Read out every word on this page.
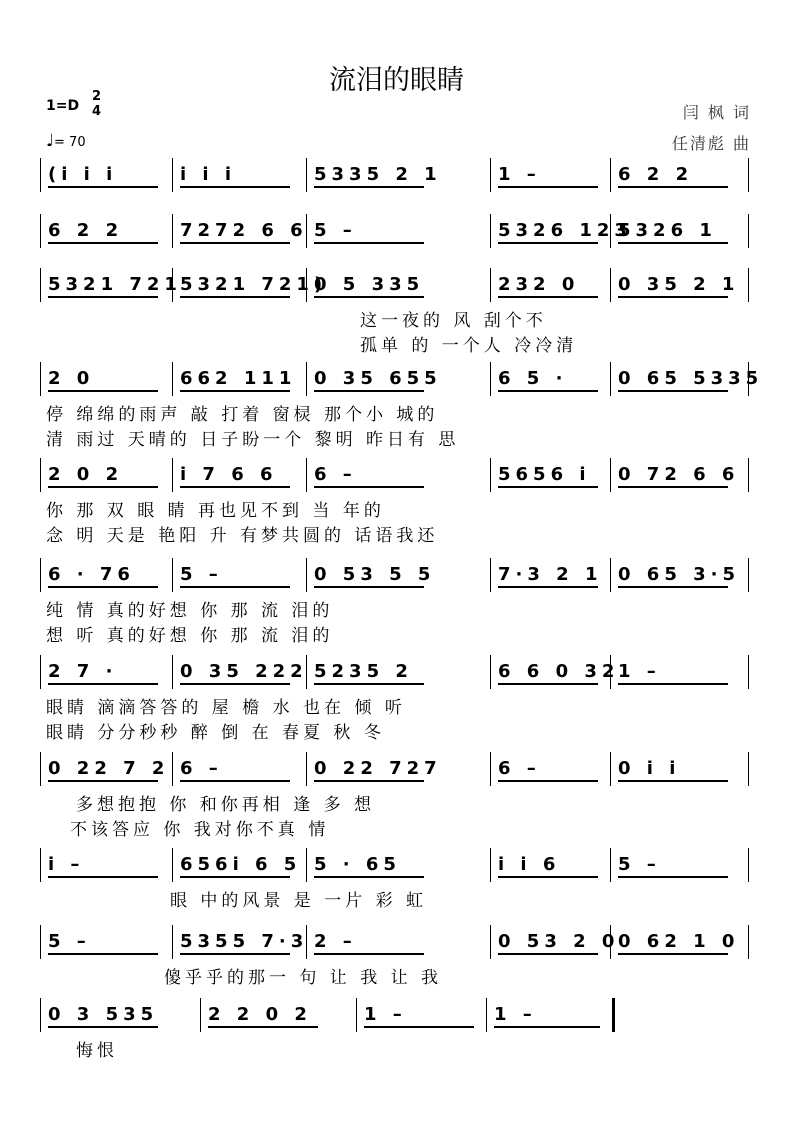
流泪的眼睛
1=D
2
4
♩= 70
闫 枫 词
任清彪 曲
(i i i	i i i	5335 2 1	1 –	6 2 2
6 2 2	7272 6 6 5 –	5326 123
5326 1
5321 721
5321 721)
0 5 335	232 0 0 35 2 1
这一夜的 风 刮个不
孤单 的 一个人 冷冷清
2 0	662 111 0 35 655	6 5 ·	0 65 5335
停 绵绵的雨声 敲 打着 窗棂 那个小 城的
清 雨过 天晴的 日子盼一个 黎明 昨日有 思
2 0 2	i 7 6 6 6 –	5656 i 0 72 6 6
你 那 双 眼 睛 再也见不到 当 年的
念 明 天是 艳阳 升 有梦共圆的 话语我还
6 · 76	5 –	0 53 5 5	7·3 2 1 0 65 3·5
纯 情 真的好想 你 那 流 泪的
想 听 真的好想 你 那 流 泪的
2 7 ·	0 35 222 5235 2	6 6 0 32
1 –
眼睛 滴滴答答的 屋 檐 水 也在 倾 听
眼睛 分分秒秒 醉 倒 在 春夏 秋 冬
0 22 7 2 6 –	0 22 727	6 –	0 i i
多想抱抱 你 和你再相 逢 多 想
不该答应 你 我对你不真 情
i –	656i 6 5 5 · 65	i i 6	5 –
眼 中的风景 是 一片 彩 虹
5 –	5355 7·3 2 –	0 53 2 0
0 62 1 0
傻乎乎的那一 句 让 我 让 我
0 3 535	2 2 0 2	1 –	1 –
悔恨
